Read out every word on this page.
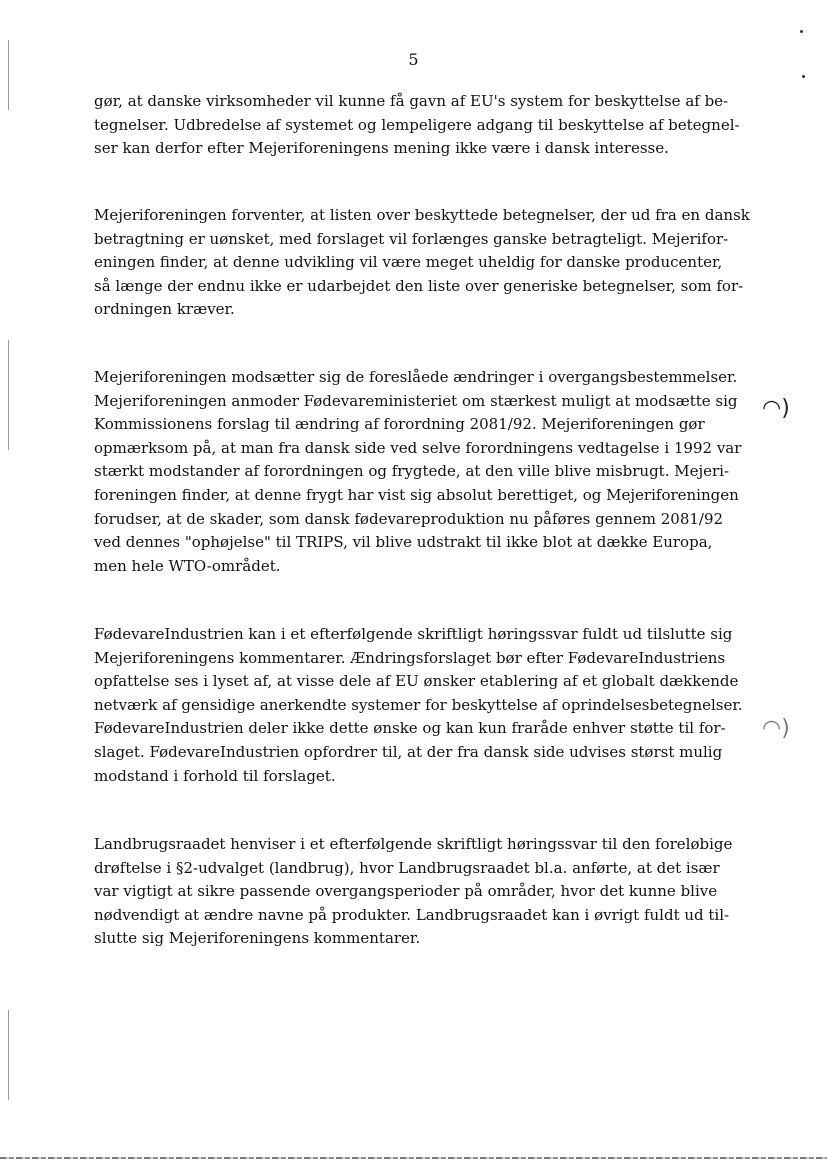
◠)
◠)
5

gør, at danske virksomheder vil kunne få gavn af EU's system for beskyttelse af be-
tegnelser. Udbredelse af systemet og lempeligere adgang til beskyttelse af betegnel-
ser kan derfor efter Mejeriforeningens mening ikke være i dansk interesse.

Mejeriforeningen forventer, at listen over beskyttede betegnelser, der ud fra en dansk
betragtning er uønsket, med forslaget vil forlænges ganske betragteligt. Mejerifor-
eningen finder, at denne udvikling vil være meget uheldig for danske producenter,
så længe der endnu ikke er udarbejdet den liste over generiske betegnelser, som for-
ordningen kræver.

Mejeriforeningen modsætter sig de foreslåede ændringer i overgangsbestemmelser.
Mejeriforeningen anmoder Fødevareministeriet om stærkest muligt at modsætte sig
Kommissionens forslag til ændring af forordning 2081/92. Mejeriforeningen gør
opmærksom på, at man fra dansk side ved selve forordningens vedtagelse i 1992 var
stærkt modstander af forordningen og frygtede, at den ville blive misbrugt. Mejeri-
foreningen finder, at denne frygt har vist sig absolut berettiget, og Mejeriforeningen
forudser, at de skader, som dansk fødevareproduktion nu påføres gennem 2081/92
ved dennes "ophøjelse" til TRIPS, vil blive udstrakt til ikke blot at dække Europa,
men hele WTO-området.

FødevareIndustrien kan i et efterfølgende skriftligt høringssvar fuldt ud tilslutte sig
Mejeriforeningens kommentarer. Ændringsforslaget bør efter FødevareIndustriens
opfattelse ses i lyset af, at visse dele af EU ønsker etablering af et globalt dækkende
netværk af gensidige anerkendte systemer for beskyttelse af oprindelsesbetegnelser.
FødevareIndustrien deler ikke dette ønske og kan kun fraråde enhver støtte til for-
slaget. FødevareIndustrien opfordrer til, at der fra dansk side udvises størst mulig
modstand i forhold til forslaget.

Landbrugsraadet henviser i et efterfølgende skriftligt høringssvar til den foreløbige
drøftelse i §2-udvalget (landbrug), hvor Landbrugsraadet bl.a. anførte, at det især
var vigtigt at sikre passende overgangsperioder på områder, hvor det kunne blive
nødvendigt at ændre navne på produkter. Landbrugsraadet kan i øvrigt fuldt ud til-
slutte sig Mejeriforeningens kommentarer.
